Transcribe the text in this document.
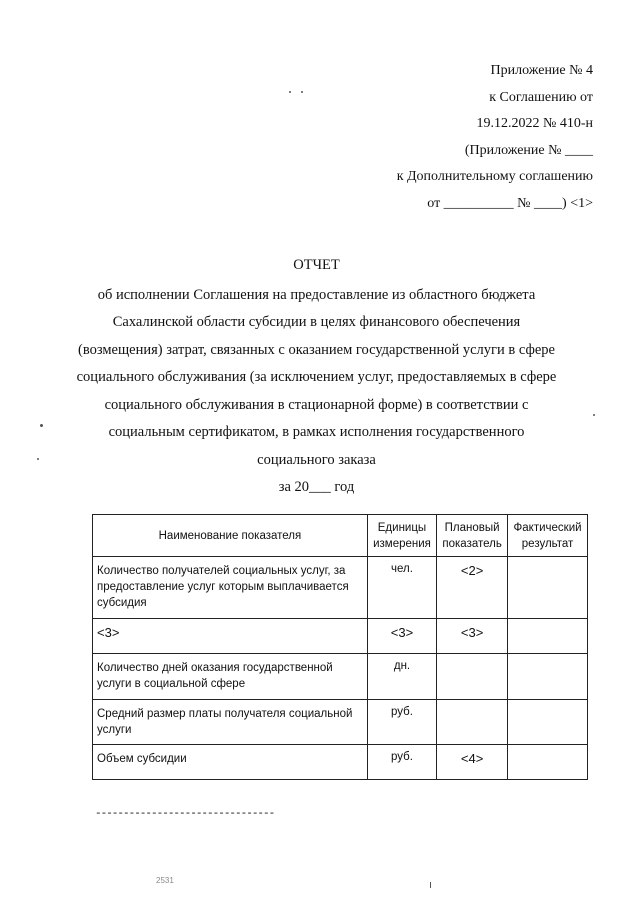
Приложение № 4
к Соглашению от
19.12.2022 № 410-н
(Приложение № ____
к Дополнительному соглашению
от __________ № ____) <1>
ОТЧЕТ
об исполнении Соглашения на предоставление из областного бюджета
Сахалинской области субсидии в целях финансового обеспечения
(возмещения) затрат, связанных с оказанием государственной услуги в сфере
социального обслуживания (за исключением услуг, предоставляемых в сфере
социального обслуживания в стационарной форме) в соответствии с
социальным сертификатом, в рамках исполнения государственного
социального заказа
за 20___ год
Наименование показателя	Единицы измерения	Плановый показатель	Фактический результат
Количество получателей социальных услуг, за предоставление услуг которым выплачивается субсидия	чел.	<2>	
<3>	<3>	<3>	
Количество дней оказания государственной услуги в социальной сфере	дн.		
Средний размер платы получателя социальной услуги	руб.		
Объем субсидии	руб.	<4>	
--------------------------------
2531
